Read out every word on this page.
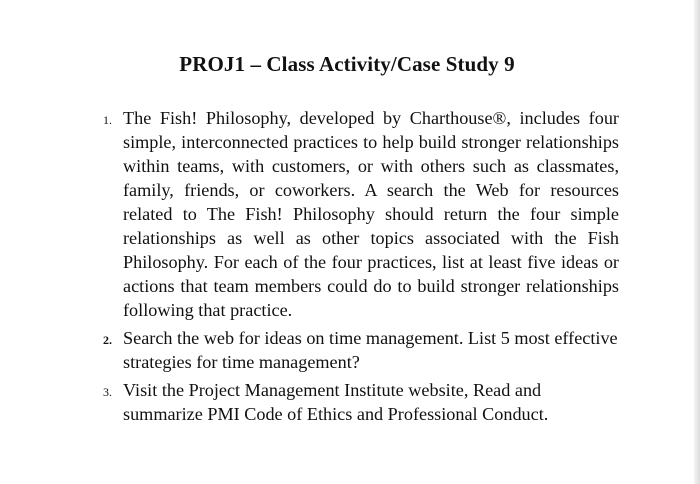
PROJ1 – Class Activity/Case Study 9
1. The Fish! Philosophy, developed by Charthouse®, includes four simple, interconnected practices to help build stronger relationships within teams, with customers, or with others such as classmates, family, friends, or coworkers. A search the Web for resources related to The Fish! Philosophy should return the four simple relationships as well as other topics associated with the Fish Philosophy. For each of the four practices, list at least five ideas or actions that team members could do to build stronger relationships following that practice.
2. Search the web for ideas on time management. List 5 most effective strategies for time management?
3. Visit the Project Management Institute website, Read and summarize PMI Code of Ethics and Professional Conduct.
